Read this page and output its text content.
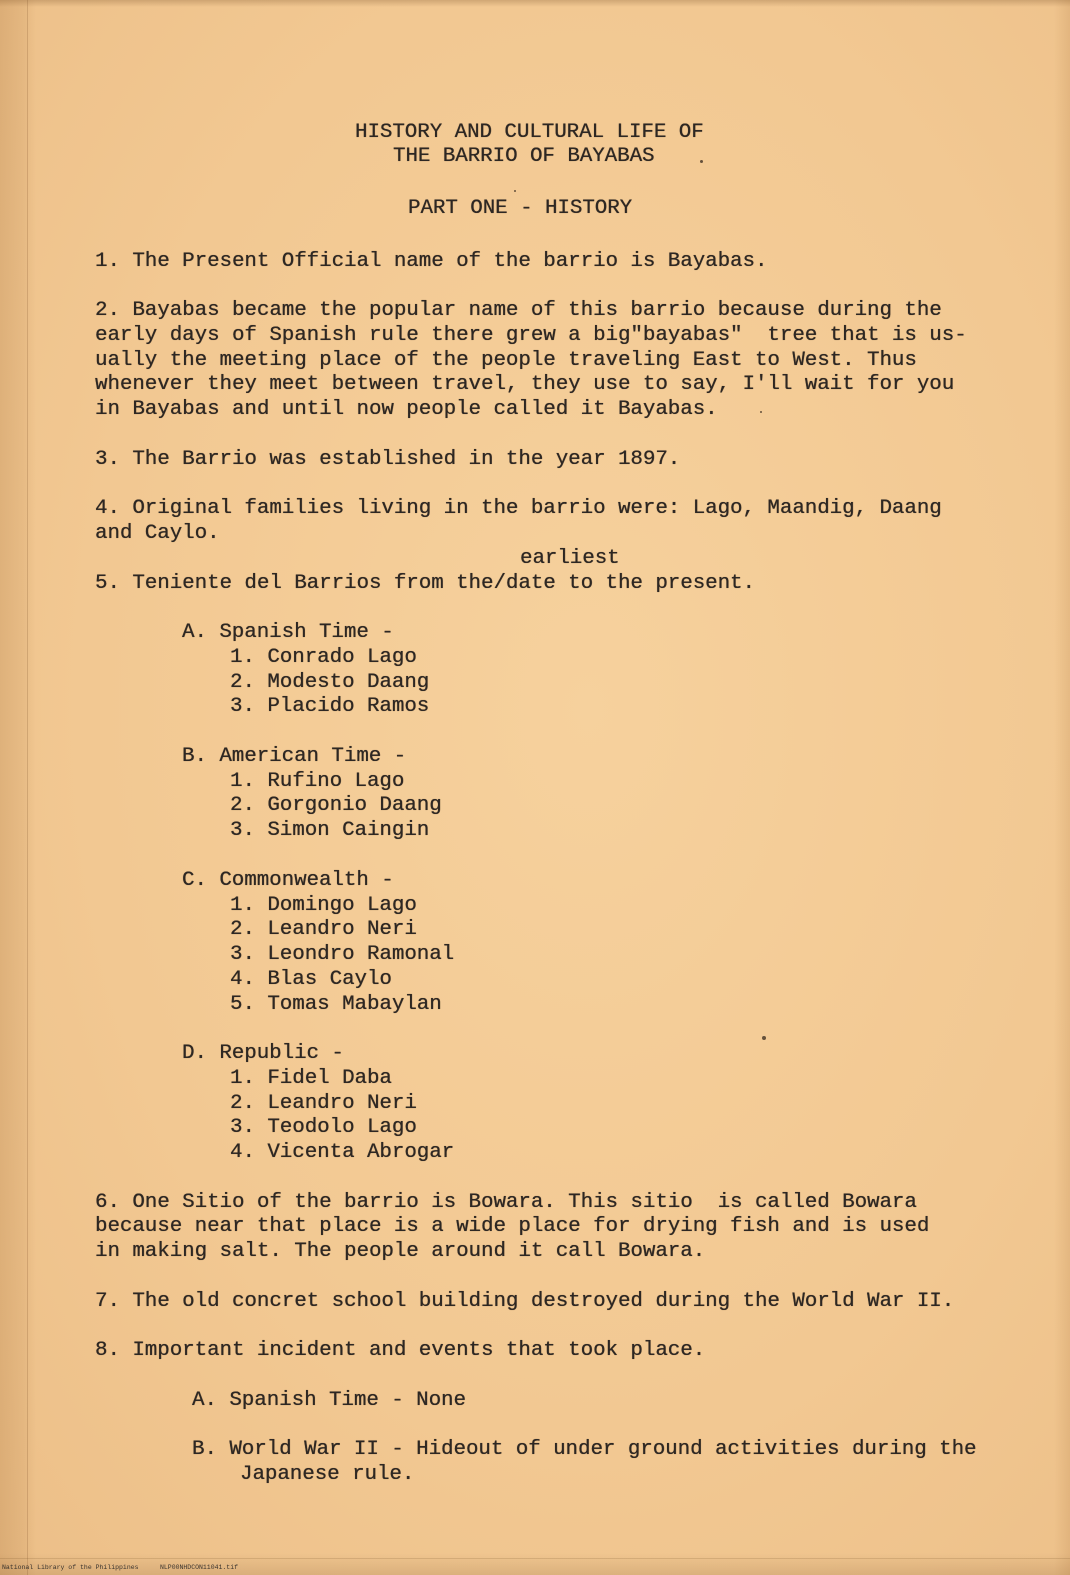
HISTORY AND CULTURAL LIFE OF
THE BARRIO OF BAYABAS
PART ONE - HISTORY
1. The Present Official name of the barrio is Bayabas.
2. Bayabas became the popular name of this barrio because during the
early days of Spanish rule there grew a big"bayabas"  tree that is us-
ually the meeting place of the people traveling East to West. Thus
whenever they meet between travel, they use to say, I'll wait for you
in Bayabas and until now people called it Bayabas.
3. The Barrio was established in the year 1897.
4. Original families living in the barrio were: Lago, Maandig, Daang
and Caylo.
earliest
5. Teniente del Barrios from the/date to the present.
A. Spanish Time -
1. Conrado Lago
2. Modesto Daang
3. Placido Ramos
B. American Time -
1. Rufino Lago
2. Gorgonio Daang
3. Simon Caingin
C. Commonwealth -
1. Domingo Lago
2. Leandro Neri
3. Leondro Ramonal
4. Blas Caylo
5. Tomas Mabaylan
D. Republic -
1. Fidel Daba
2. Leandro Neri
3. Teodolo Lago
4. Vicenta Abrogar
6. One Sitio of the barrio is Bowara. This sitio  is called Bowara
because near that place is a wide place for drying fish and is used
in making salt. The people around it call Bowara.
7. The old concret school building destroyed during the World War II.
8. Important incident and events that took place.
A. Spanish Time - None
B. World War II - Hideout of under ground activities during the
Japanese rule.
National Library of the Philippines	NLP00NHDCON11041.tif
